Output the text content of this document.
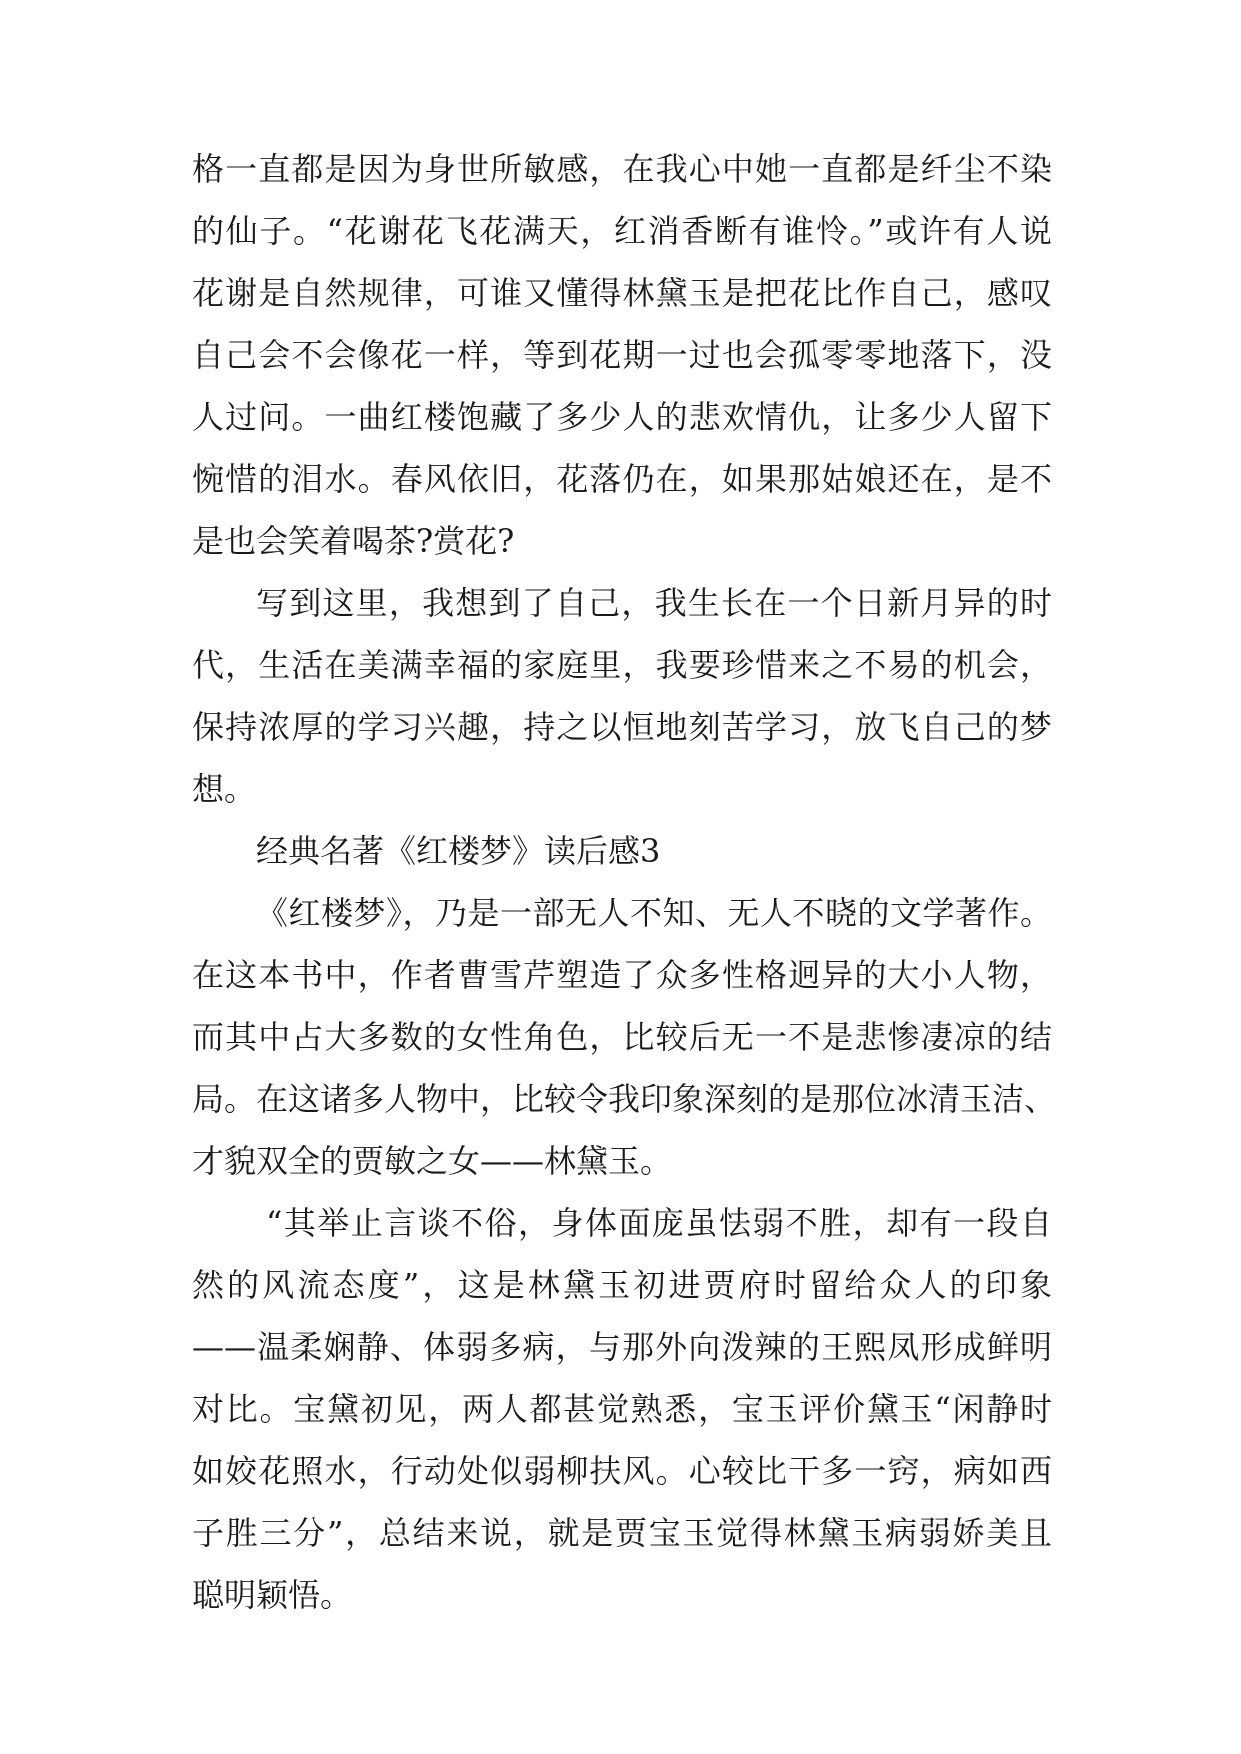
格一直都是因为身世所敏感，在我心中她一直都是纤尘不染
的仙子。“花谢花飞花满天，红消香断有谁怜。”或许有人说
花谢是自然规律，可谁又懂得林黛玉是把花比作自己，感叹
自己会不会像花一样，等到花期一过也会孤零零地落下，没
人过问。一曲红楼饱藏了多少人的悲欢情仇，让多少人留下
惋惜的泪水。春风依旧，花落仍在，如果那姑娘还在，是不
是也会笑着喝茶?赏花?
写到这里，我想到了自己，我生长在一个日新月异的时
代，生活在美满幸福的家庭里，我要珍惜来之不易的机会，
保持浓厚的学习兴趣，持之以恒地刻苦学习，放飞自己的梦
想。
经典名著《红楼梦》读后感3
《红楼梦》，乃是一部无人不知、无人不晓的文学著作。
在这本书中，作者曹雪芹塑造了众多性格迥异的大小人物，
而其中占大多数的女性角色，比较后无一不是悲惨凄凉的结
局。在这诸多人物中，比较令我印象深刻的是那位冰清玉洁、
才貌双全的贾敏之女——林黛玉。
“其举止言谈不俗，身体面庞虽怯弱不胜，却有一段自
然的风流态度”，这是林黛玉初进贾府时留给众人的印象
——温柔娴静、体弱多病，与那外向泼辣的王熙凤形成鲜明
对比。宝黛初见，两人都甚觉熟悉，宝玉评价黛玉“闲静时
如姣花照水，行动处似弱柳扶风。心较比干多一窍，病如西
子胜三分”，总结来说，就是贾宝玉觉得林黛玉病弱娇美且
聪明颖悟。
